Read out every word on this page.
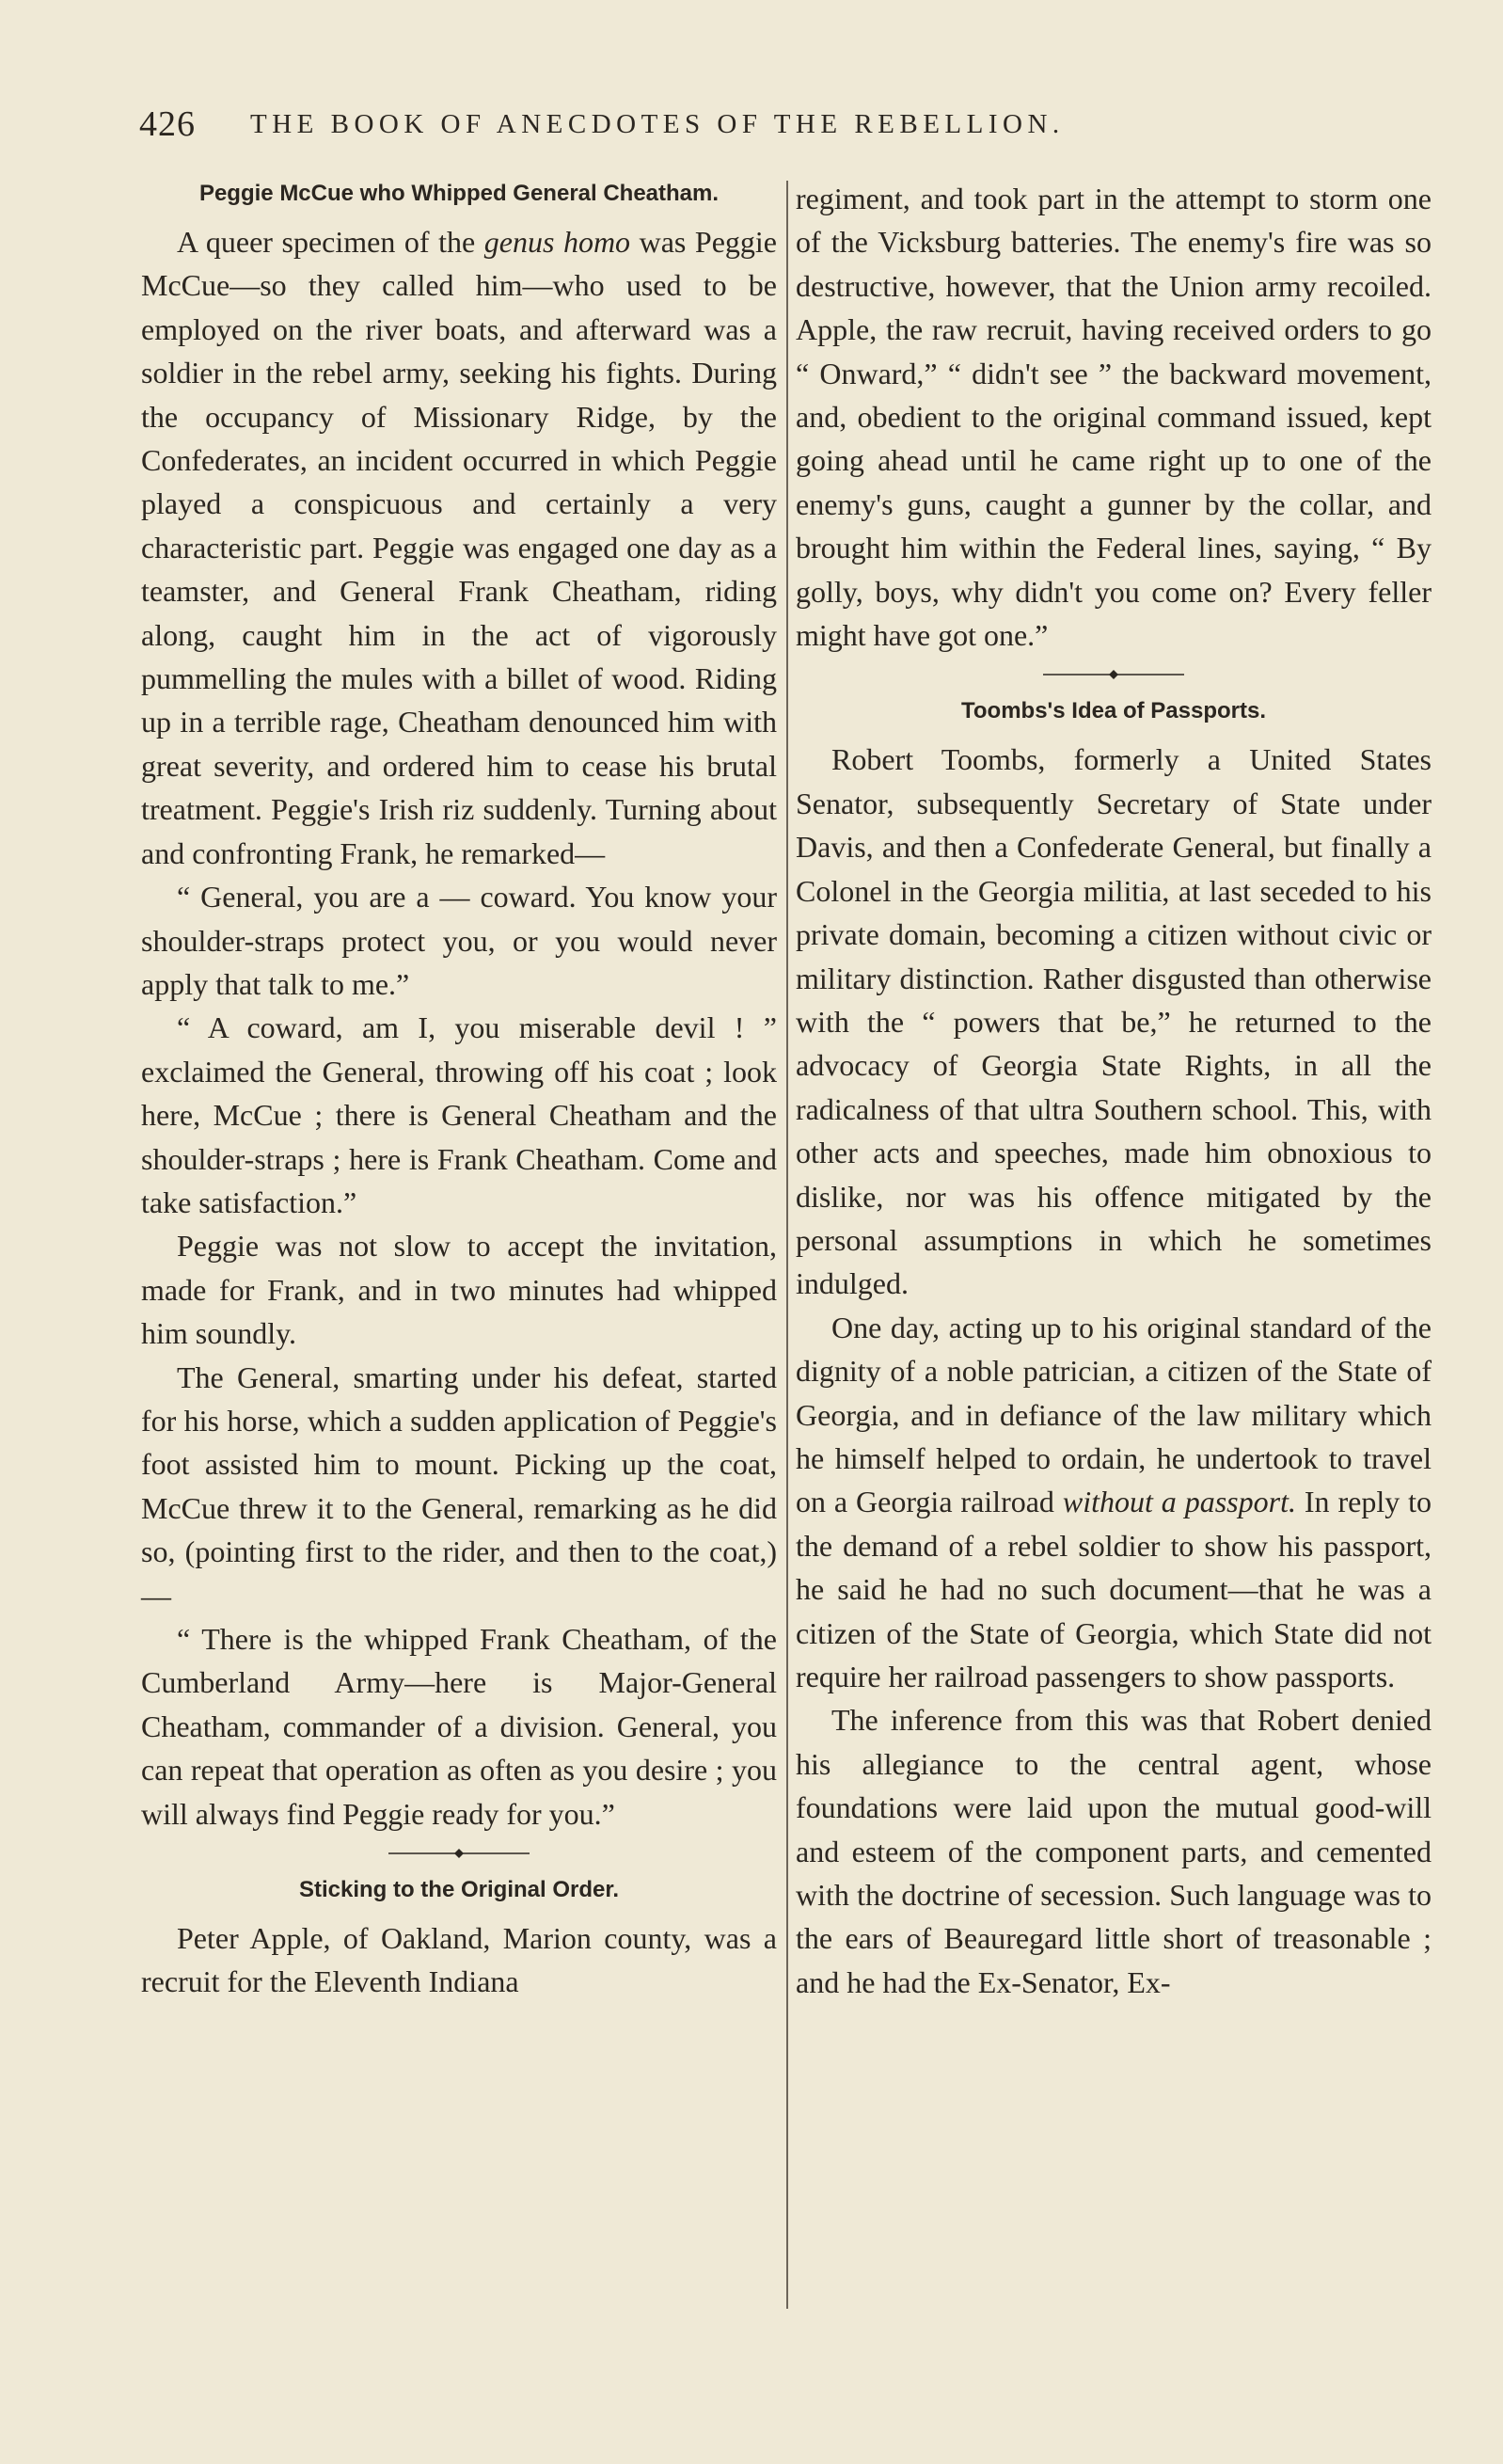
426 THE BOOK OF ANECDOTES OF THE REBELLION.
Peggie McCue who Whipped General Cheatham.

A queer specimen of the genus homo was Peggie McCue—so they called him—who used to be employed on the river boats, and afterward was a soldier in the rebel army, seeking his fights. During the occupancy of Missionary Ridge, by the Confederates, an incident occurred in which Peggie played a conspicuous and certainly a very characteristic part. Peggie was engaged one day as a teamster, and General Frank Cheatham, riding along, caught him in the act of vigorously pummelling the mules with a billet of wood. Riding up in a terrible rage, Cheatham denounced him with great severity, and ordered him to cease his brutal treatment. Peggie's Irish riz suddenly. Turning about and confronting Frank, he remarked—

“ General, you are a — coward. You know your shoulder-straps protect you, or you would never apply that talk to me.”

“ A coward, am I, you miserable devil ! ” exclaimed the General, throwing off his coat ; look here, McCue ; there is General Cheatham and the shoulder-straps ; here is Frank Cheatham. Come and take satisfaction.”

Peggie was not slow to accept the invitation, made for Frank, and in two minutes had whipped him soundly.

The General, smarting under his defeat, started for his horse, which a sudden application of Peggie's foot assisted him to mount. Picking up the coat, McCue threw it to the General, remarking as he did so, (pointing first to the rider, and then to the coat,)—

“ There is the whipped Frank Cheatham, of the Cumberland Army—here is Major-General Cheatham, commander of a division. General, you can repeat that operation as often as you desire ; you will always find Peggie ready for you.”

Sticking to the Original Order.

Peter Apple, of Oakland, Marion county, was a recruit for the Eleventh Indiana

regiment, and took part in the attempt to storm one of the Vicksburg batteries. The enemy's fire was so destructive, however, that the Union army recoiled. Apple, the raw recruit, having received orders to go “ Onward,” “ didn't see ” the backward movement, and, obedient to the original command issued, kept going ahead until he came right up to one of the enemy's guns, caught a gunner by the collar, and brought him within the Federal lines, saying, “ By golly, boys, why didn't you come on? Every feller might have got one.”

Toombs's Idea of Passports.

Robert Toombs, formerly a United States Senator, subsequently Secretary of State under Davis, and then a Confederate General, but finally a Colonel in the Georgia militia, at last seceded to his private domain, becoming a citizen without civic or military distinction. Rather disgusted than otherwise with the “ powers that be,” he returned to the advocacy of Georgia State Rights, in all the radicalness of that ultra Southern school. This, with other acts and speeches, made him obnoxious to dislike, nor was his offence mitigated by the personal assumptions in which he sometimes indulged.

One day, acting up to his original standard of the dignity of a noble patrician, a citizen of the State of Georgia, and in defiance of the law military which he himself helped to ordain, he undertook to travel on a Georgia railroad without a passport. In reply to the demand of a rebel soldier to show his passport, he said he had no such document—that he was a citizen of the State of Georgia, which State did not require her railroad passengers to show passports.

The inference from this was that Robert denied his allegiance to the central agent, whose foundations were laid upon the mutual good-will and esteem of the component parts, and cemented with the doctrine of secession. Such language was to the ears of Beauregard little short of treasonable ; and he had the Ex-Senator, Ex-
